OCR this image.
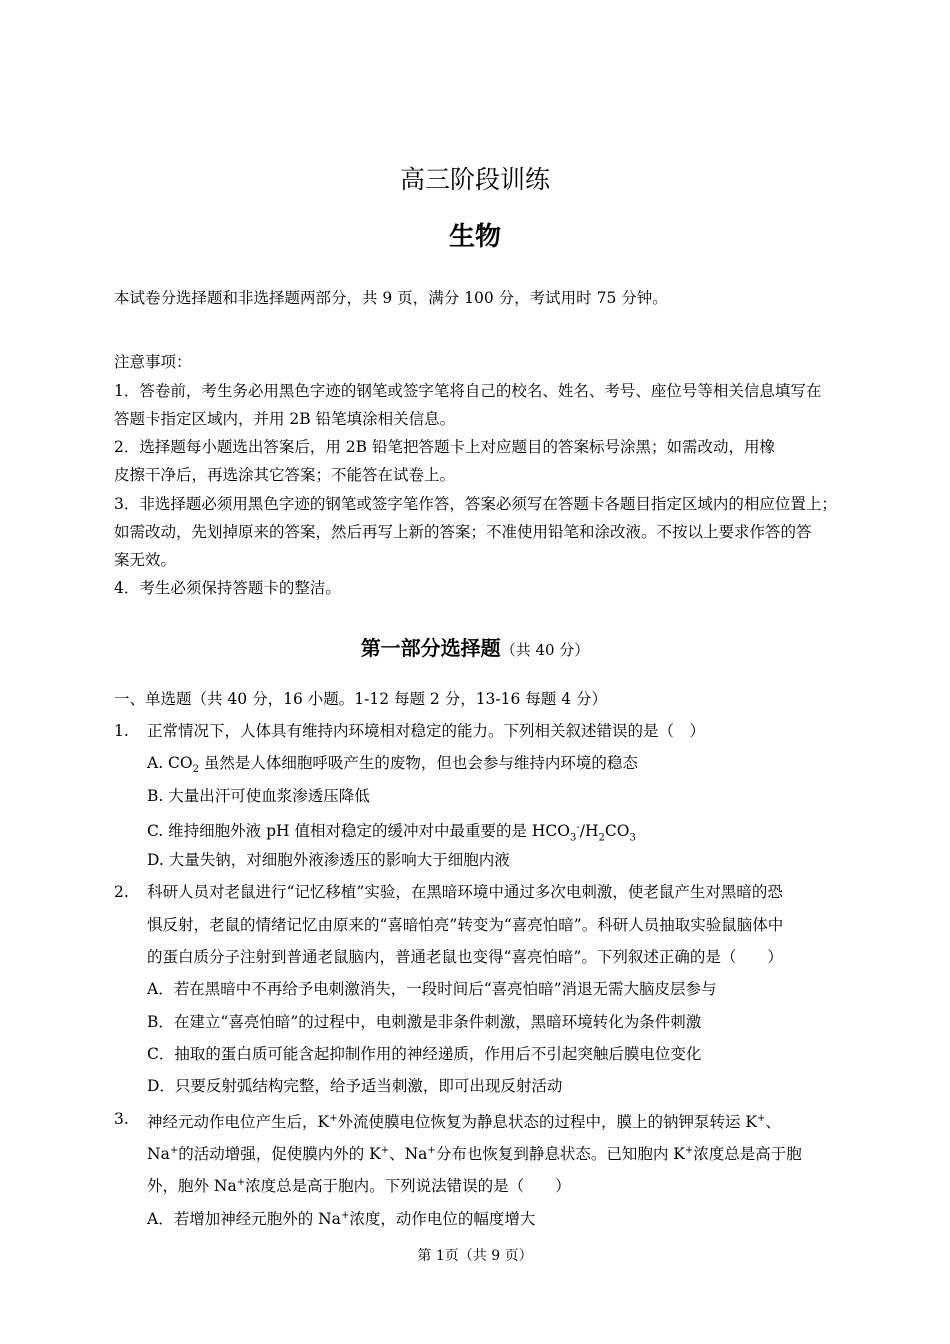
高三阶段训练
生物
本试卷分选择题和非选择题两部分，共 9 页，满分 100 分，考试用时 75 分钟。
注意事项：
1．答卷前，考生务必用黑色字迹的钢笔或签字笔将自己的校名、姓名、考号、座位号等相关信息填写在
答题卡指定区域内，并用 2B 铅笔填涂相关信息。
2．选择题每小题选出答案后，用 2B 铅笔把答题卡上对应题目的答案标号涂黑；如需改动，用橡
皮擦干净后，再选涂其它答案；不能答在试卷上。
3．非选择题必须用黑色字迹的钢笔或签字笔作答，答案必须写在答题卡各题目指定区域内的相应位置上；
如需改动，先划掉原来的答案，然后再写上新的答案；不准使用铅笔和涂改液。不按以上要求作答的答
案无效。
4．考生必须保持答题卡的整洁。
第一部分选择题（共 40 分）
一、单选题（共 40 分，16 小题。1-12 每题 2 分，13-16 每题 4 分）
1. 正常情况下，人体具有维持内环境相对稳定的能力。下列相关叙述错误的是（　）
A. $CO_2$ 虽然是人体细胞呼吸产生的废物，但也会参与维持内环境的稳态
B. 大量出汗可使血浆渗透压降低
C. 维持细胞外液 pH 值相对稳定的缓冲对中最重要的是 $HCO_3^-/H_2CO_3$
D. 大量失钠，对细胞外液渗透压的影响大于细胞内液
2. 科研人员对老鼠进行“记忆移植”实验，在黑暗环境中通过多次电刺激，使老鼠产生对黑暗的恐
惧反射，老鼠的情绪记忆由原来的“喜暗怕亮”转变为“喜亮怕暗”。科研人员抽取实验鼠脑体中
的蛋白质分子注射到普通老鼠脑内，普通老鼠也变得“喜亮怕暗”。下列叙述正确的是（　　）
A．若在黑暗中不再给予电刺激消失，一段时间后“喜亮怕暗”消退无需大脑皮层参与
B．在建立“喜亮怕暗”的过程中，电刺激是非条件刺激，黑暗环境转化为条件刺激
C．抽取的蛋白质可能含起抑制作用的神经递质，作用后不引起突触后膜电位变化
D．只要反射弧结构完整，给予适当刺激，即可出现反射活动
3. 神经元动作电位产生后，K+外流使膜电位恢复为静息状态的过程中，膜上的钠钾泵转运 K+、
Na+的活动增强，促使膜内外的 K+、Na+分布也恢复到静息状态。已知胞内 K+浓度总是高于胞
外，胞外 Na+浓度总是高于胞内。下列说法错误的是（　　）
A．若增加神经元胞外的 Na+浓度，动作电位的幅度增大
第 1页（共 9 页）
